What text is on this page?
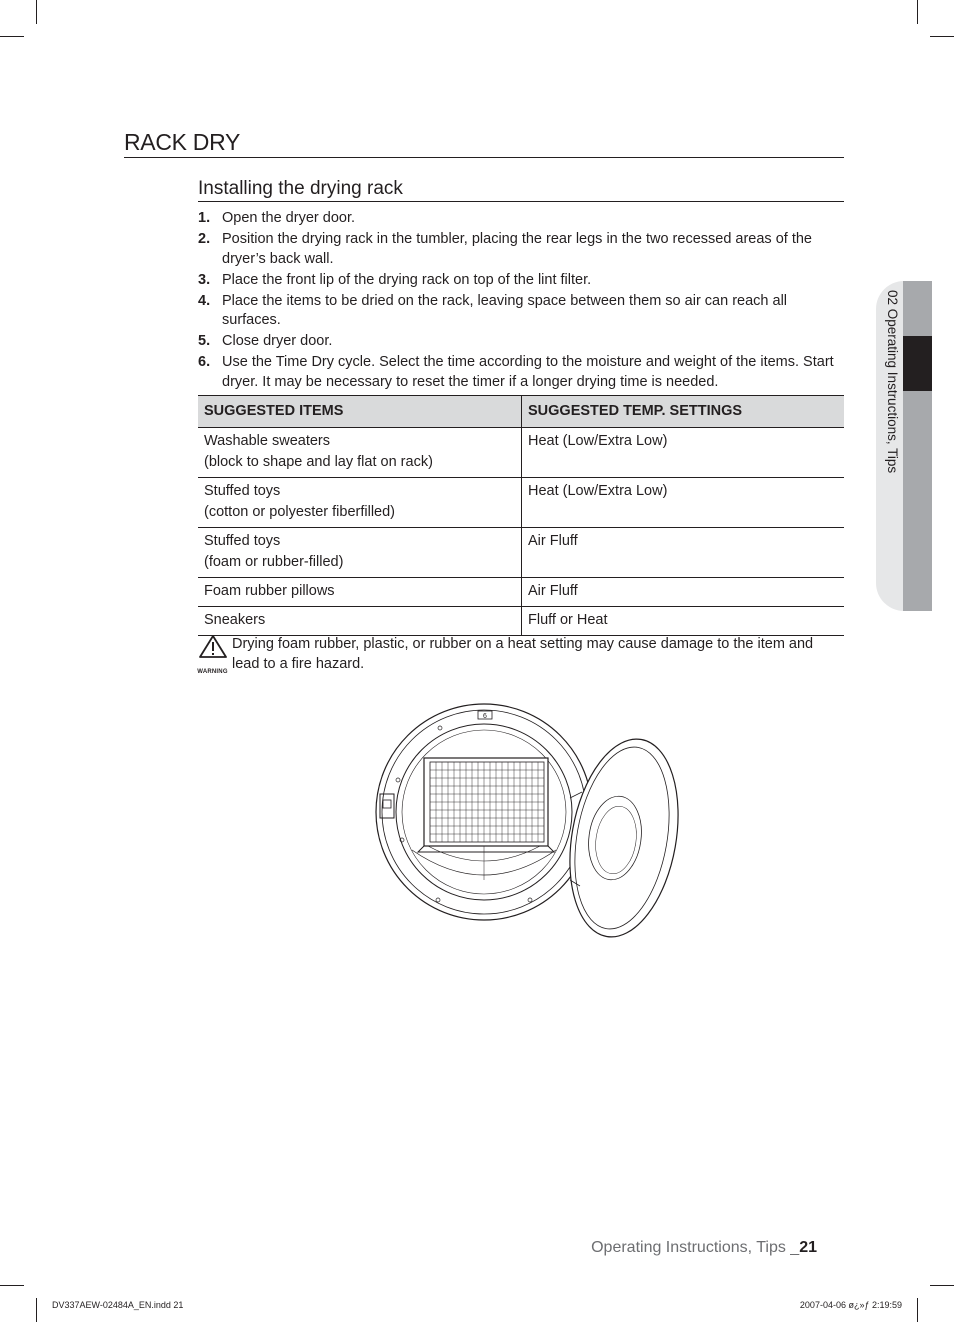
RACK DRY
Installing the drying rack
1. Open the dryer door.
2. Position the drying rack in the tumbler, placing the rear legs in the two recessed areas of the dryer’s back wall.
3. Place the front lip of the drying rack on top of the lint filter.
4. Place the items to be dried on the rack, leaving space between them so air can reach all surfaces.
5. Close dryer door.
6. Use the Time Dry cycle. Select the time according to the moisture and weight of the items. Start dryer. It may be necessary to reset the timer if a longer drying time is needed.
SUGGESTED ITEMS	SUGGESTED TEMP. SETTINGS

Washable sweaters
(block to shape and lay flat on rack)	Heat (Low/Extra Low)

Stuffed toys
(cotton or polyester fiberfilled)	Heat (Low/Extra Low)

Stuffed toys
(foam or rubber-filled)	Air Fluff

Foam rubber pillows	Air Fluff

Sneakers	Fluff or Heat
WARNING
Drying foam rubber, plastic, or rubber on a heat setting may cause damage to the item and lead to a fire hazard.
6
02 Operating Instructions, Tips
Operating Instructions, Tips _21
DV337AEW-02484A_EN.indd 21	2007-04-06 ø¿»ƒ 2:19:59
